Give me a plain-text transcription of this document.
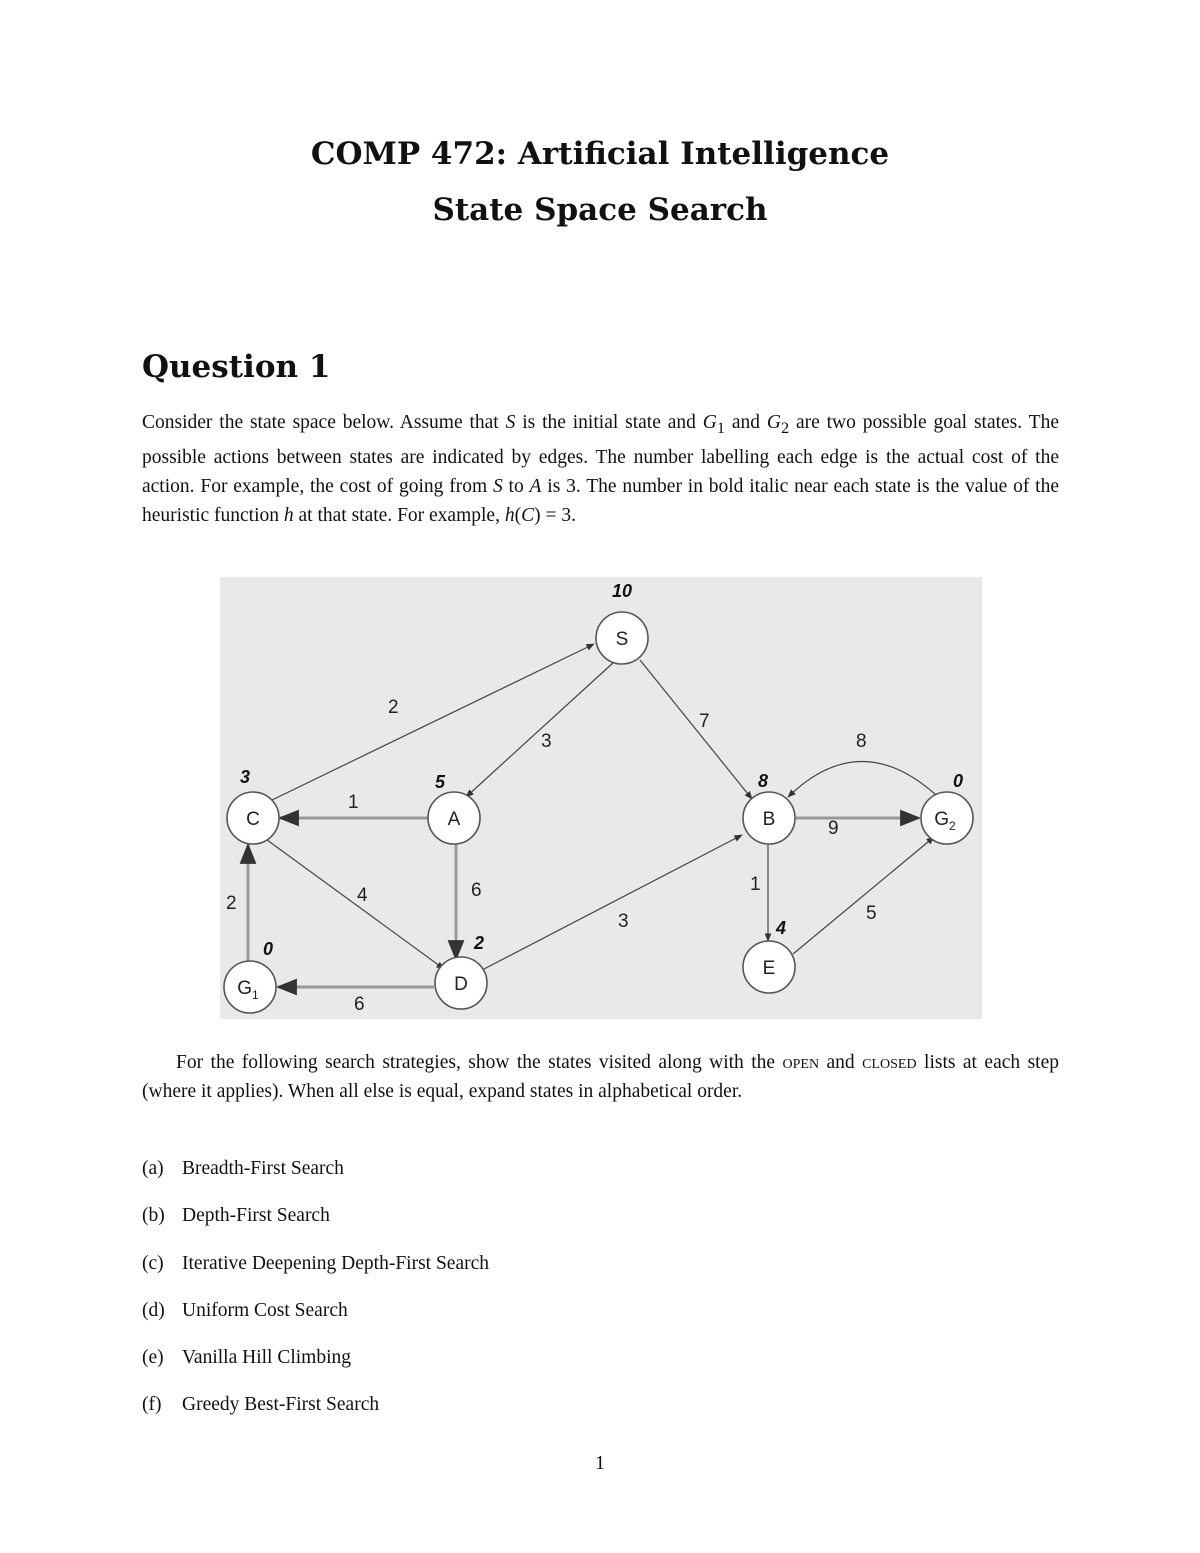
COMP 472: Artificial Intelligence
State Space Search
Question 1
Consider the state space below. Assume that S is the initial state and $G_1$ and $G_2$ are two possible goal states. The possible actions between states are indicated by edges. The number labelling each edge is the actual cost of the action. For example, the cost of going from S to A is 3. The number in bold italic near each state is the value of the heuristic function h at that state. For example, h(C) = 3.
2
3
7
1
6
4
2
6
3
9
8
1
5
S
A
C
D
$G_1$
B
E
$G_2$
10
5
3
2
0
8
4
0
For the following search strategies, show the states visited along with the open and closed lists at each step (where it applies). When all else is equal, expand states in alphabetical order.
(a) Breadth-First Search
(b) Depth-First Search
(c) Iterative Deepening Depth-First Search
(d) Uniform Cost Search
(e) Vanilla Hill Climbing
(f) Greedy Best-First Search
1
